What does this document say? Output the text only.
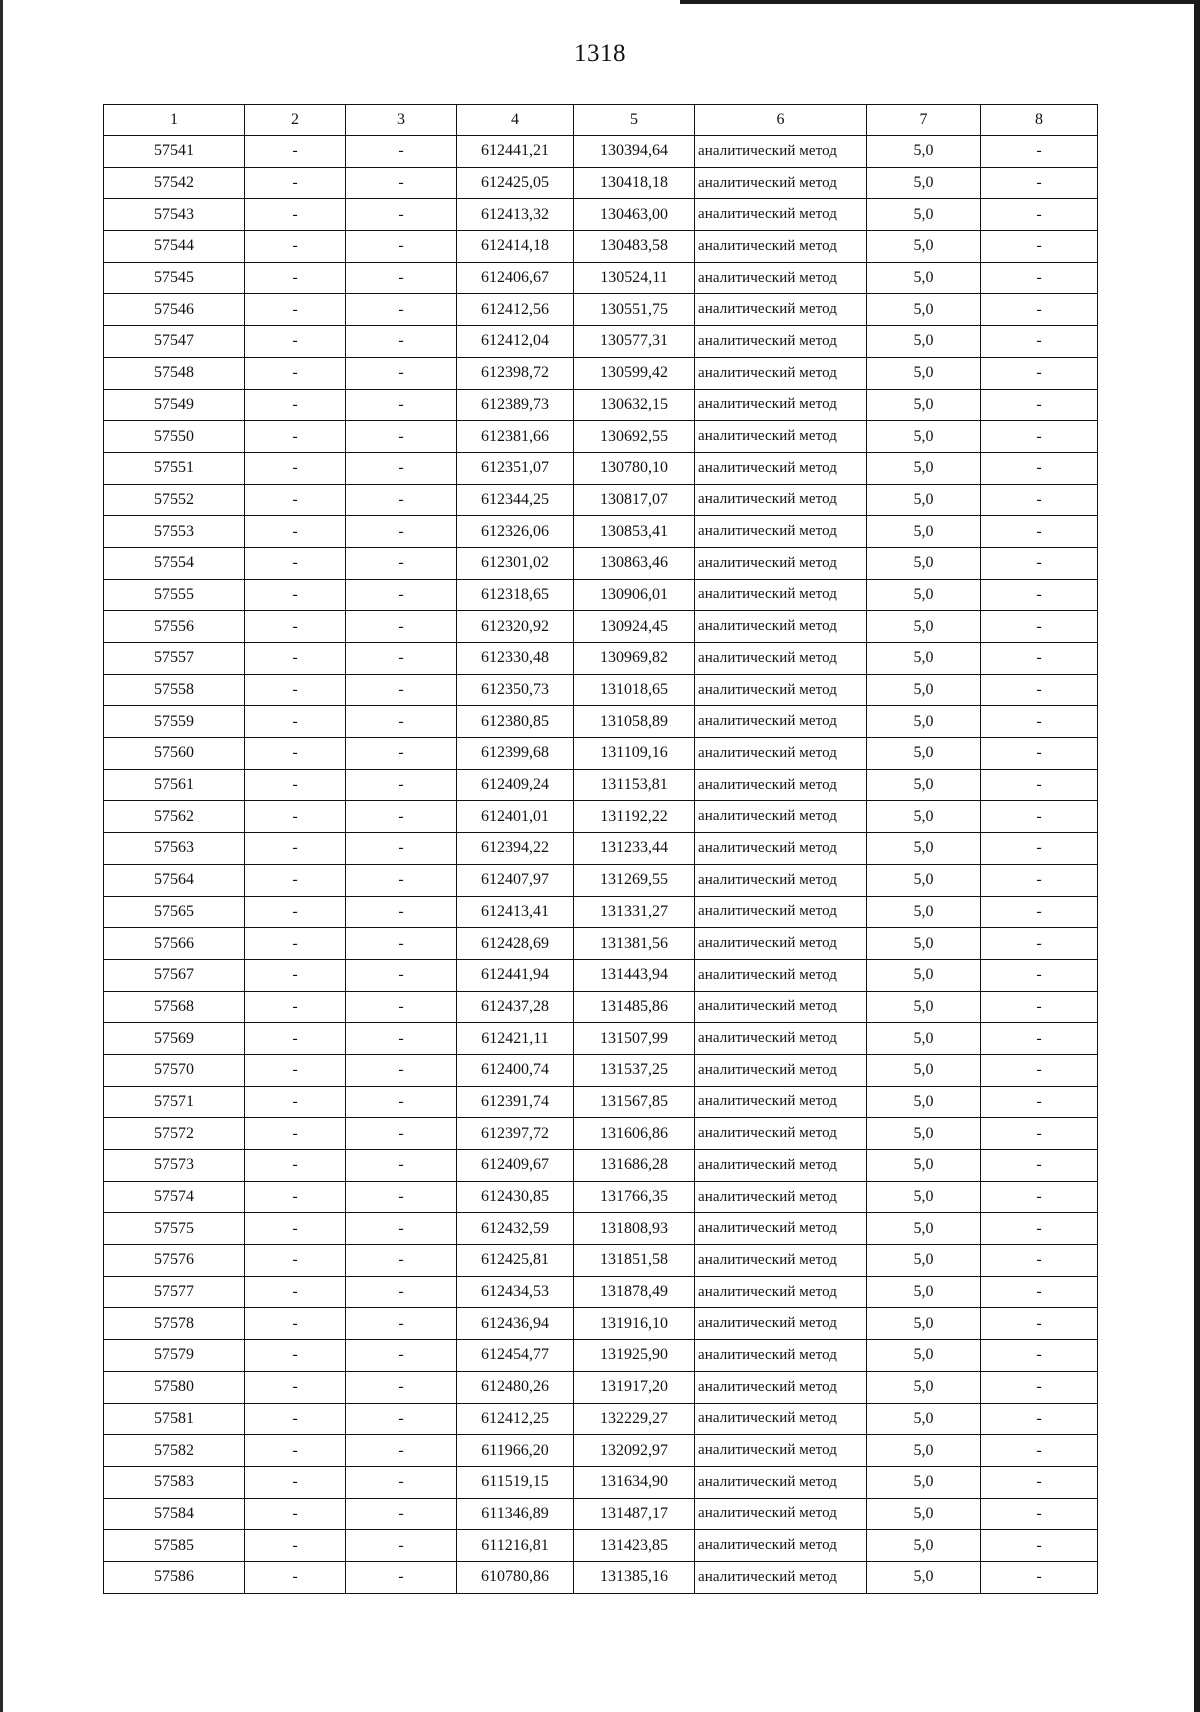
1318
1	2	3	4	5	6	7	8
57541	-	-	612441,21	130394,64	аналитический метод	5,0	-
57542	-	-	612425,05	130418,18	аналитический метод	5,0	-
57543	-	-	612413,32	130463,00	аналитический метод	5,0	-
57544	-	-	612414,18	130483,58	аналитический метод	5,0	-
57545	-	-	612406,67	130524,11	аналитический метод	5,0	-
57546	-	-	612412,56	130551,75	аналитический метод	5,0	-
57547	-	-	612412,04	130577,31	аналитический метод	5,0	-
57548	-	-	612398,72	130599,42	аналитический метод	5,0	-
57549	-	-	612389,73	130632,15	аналитический метод	5,0	-
57550	-	-	612381,66	130692,55	аналитический метод	5,0	-
57551	-	-	612351,07	130780,10	аналитический метод	5,0	-
57552	-	-	612344,25	130817,07	аналитический метод	5,0	-
57553	-	-	612326,06	130853,41	аналитический метод	5,0	-
57554	-	-	612301,02	130863,46	аналитический метод	5,0	-
57555	-	-	612318,65	130906,01	аналитический метод	5,0	-
57556	-	-	612320,92	130924,45	аналитический метод	5,0	-
57557	-	-	612330,48	130969,82	аналитический метод	5,0	-
57558	-	-	612350,73	131018,65	аналитический метод	5,0	-
57559	-	-	612380,85	131058,89	аналитический метод	5,0	-
57560	-	-	612399,68	131109,16	аналитический метод	5,0	-
57561	-	-	612409,24	131153,81	аналитический метод	5,0	-
57562	-	-	612401,01	131192,22	аналитический метод	5,0	-
57563	-	-	612394,22	131233,44	аналитический метод	5,0	-
57564	-	-	612407,97	131269,55	аналитический метод	5,0	-
57565	-	-	612413,41	131331,27	аналитический метод	5,0	-
57566	-	-	612428,69	131381,56	аналитический метод	5,0	-
57567	-	-	612441,94	131443,94	аналитический метод	5,0	-
57568	-	-	612437,28	131485,86	аналитический метод	5,0	-
57569	-	-	612421,11	131507,99	аналитический метод	5,0	-
57570	-	-	612400,74	131537,25	аналитический метод	5,0	-
57571	-	-	612391,74	131567,85	аналитический метод	5,0	-
57572	-	-	612397,72	131606,86	аналитический метод	5,0	-
57573	-	-	612409,67	131686,28	аналитический метод	5,0	-
57574	-	-	612430,85	131766,35	аналитический метод	5,0	-
57575	-	-	612432,59	131808,93	аналитический метод	5,0	-
57576	-	-	612425,81	131851,58	аналитический метод	5,0	-
57577	-	-	612434,53	131878,49	аналитический метод	5,0	-
57578	-	-	612436,94	131916,10	аналитический метод	5,0	-
57579	-	-	612454,77	131925,90	аналитический метод	5,0	-
57580	-	-	612480,26	131917,20	аналитический метод	5,0	-
57581	-	-	612412,25	132229,27	аналитический метод	5,0	-
57582	-	-	611966,20	132092,97	аналитический метод	5,0	-
57583	-	-	611519,15	131634,90	аналитический метод	5,0	-
57584	-	-	611346,89	131487,17	аналитический метод	5,0	-
57585	-	-	611216,81	131423,85	аналитический метод	5,0	-
57586	-	-	610780,86	131385,16	аналитический метод	5,0	-
